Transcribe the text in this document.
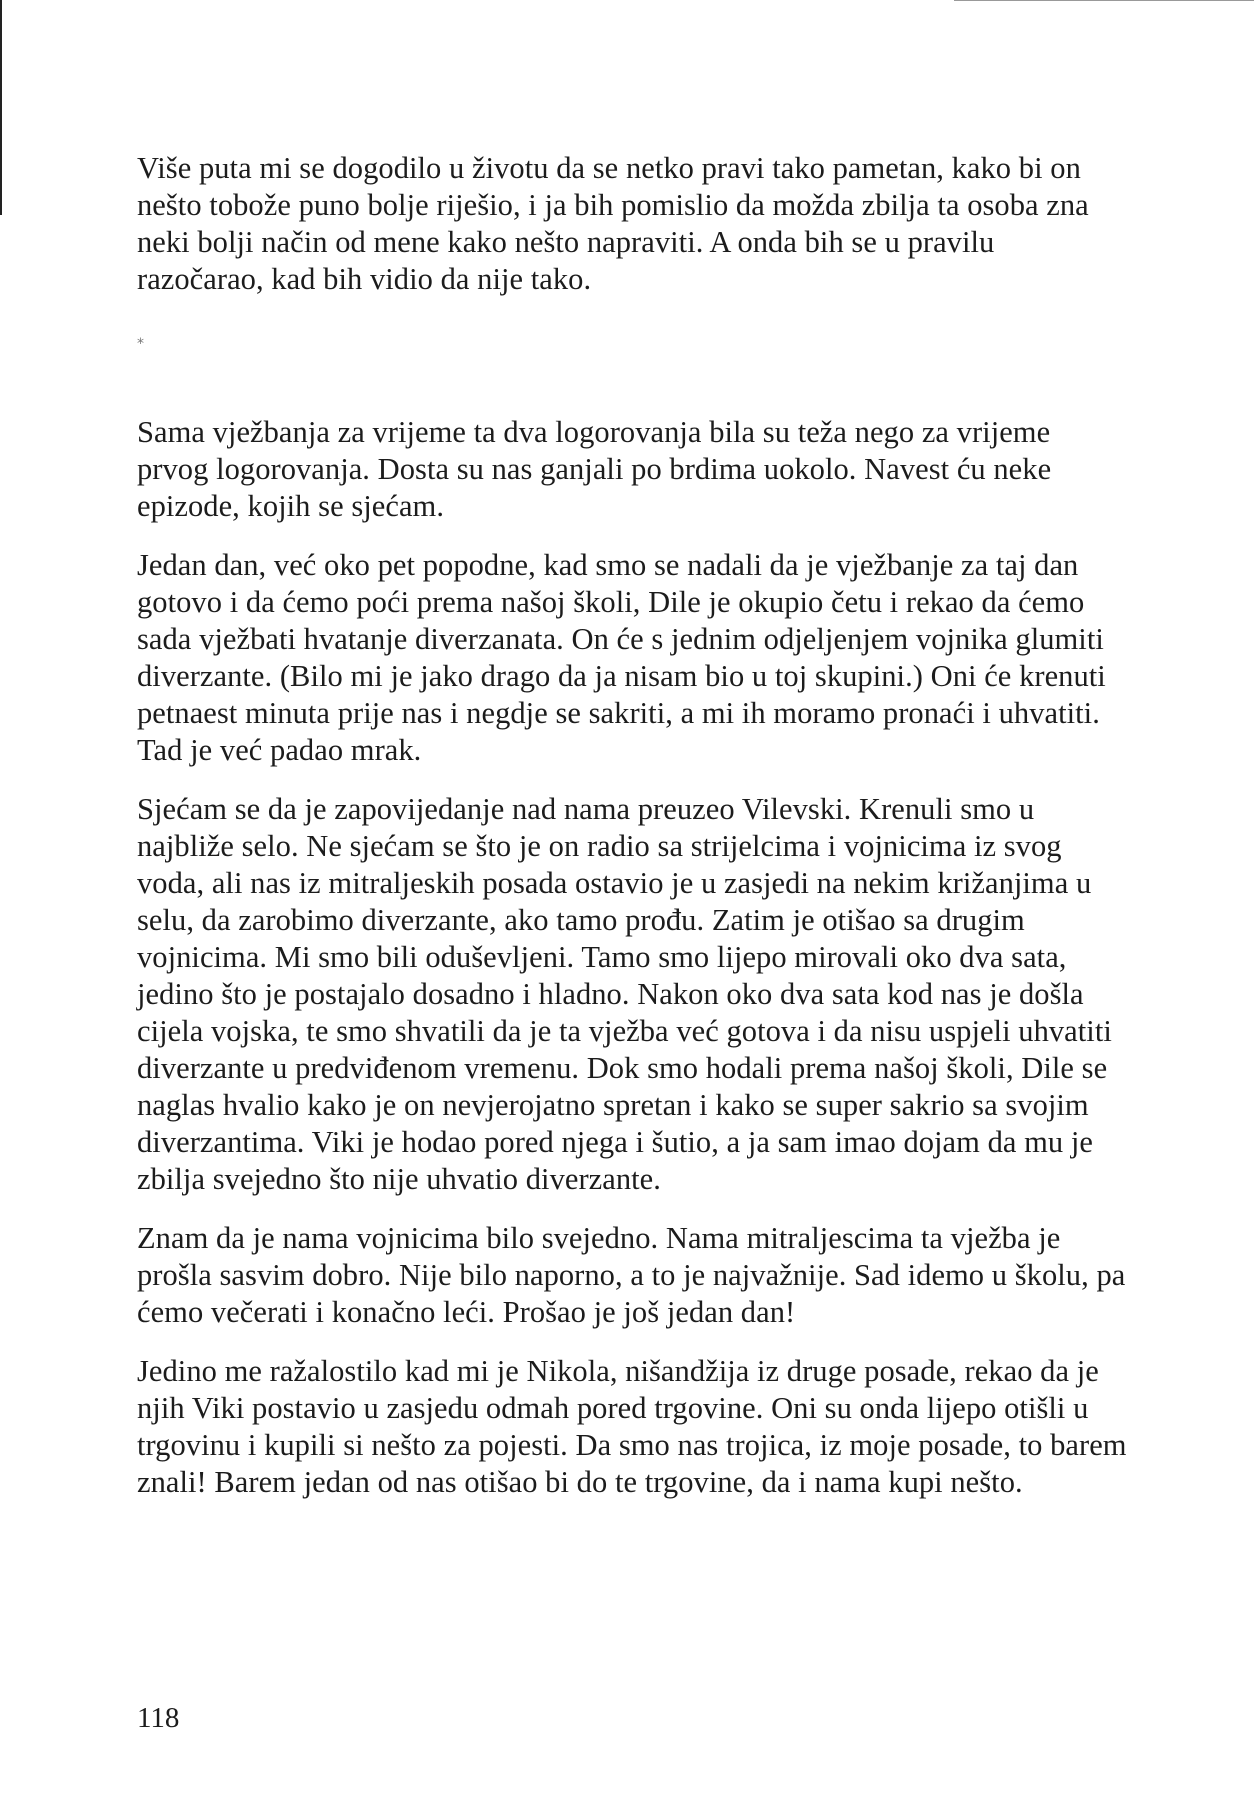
Više puta mi se dogodilo u životu da se netko pravi tako pametan, kako bi on nešto tobože puno bolje riješio, i ja bih pomislio da možda zbilja ta osoba zna neki bolji način od mene kako nešto napraviti. A onda bih se u pravilu razočarao, kad bih vidio da nije tako.

*

Sama vježbanja za vrijeme ta dva logorovanja bila su teža nego za vrijeme prvog logorovanja. Dosta su nas ganjali po brdima uokolo. Navest ću neke epizode, kojih se sjećam.

Jedan dan, već oko pet popodne, kad smo se nadali da je vježbanje za taj dan gotovo i da ćemo poći prema našoj školi, Dile je okupio četu i rekao da ćemo sada vježbati hvatanje diverzanata. On će s jednim odjeljenjem vojnika glumiti diverzante. (Bilo mi je jako drago da ja nisam bio u toj skupini.) Oni će krenuti petnaest minuta prije nas i negdje se sakriti, a mi ih moramo pronaći i uhvatiti. Tad je već padao mrak.

Sjećam se da je zapovijedanje nad nama preuzeo Vilevski. Krenuli smo u najbliže selo. Ne sjećam se što je on radio sa strijelcima i vojnicima iz svog voda, ali nas iz mitraljeskih posada ostavio je u zasjedi na nekim križanjima u selu, da zarobimo diverzante, ako tamo prođu. Zatim je otišao sa drugim vojnicima. Mi smo bili oduševljeni. Tamo smo lijepo mirovali oko dva sata, jedino što je postajalo dosadno i hladno. Nakon oko dva sata kod nas je došla cijela vojska, te smo shvatili da je ta vježba već gotova i da nisu uspjeli uhvatiti diverzante u predviđenom vremenu. Dok smo hodali prema našoj školi, Dile se naglas hvalio kako je on nevjerojatno spretan i kako se super sakrio sa svojim diverzantima. Viki je hodao pored njega i šutio, a ja sam imao dojam da mu je zbilja svejedno što nije uhvatio diverzante.

Znam da je nama vojnicima bilo svejedno. Nama mitraljescima ta vježba je prošla sasvim dobro. Nije bilo naporno, a to je najvažnije. Sad idemo u školu, pa ćemo večerati i konačno leći. Prošao je još jedan dan!

Jedino me ražalostilo kad mi je Nikola, nišandžija iz druge posade, rekao da je njih Viki postavio u zasjedu odmah pored trgovine. Oni su onda lijepo otišli u trgovinu i kupili si nešto za pojesti. Da smo nas trojica, iz moje posade, to barem znali! Barem jedan od nas otišao bi do te trgovine, da i nama kupi nešto.

118
